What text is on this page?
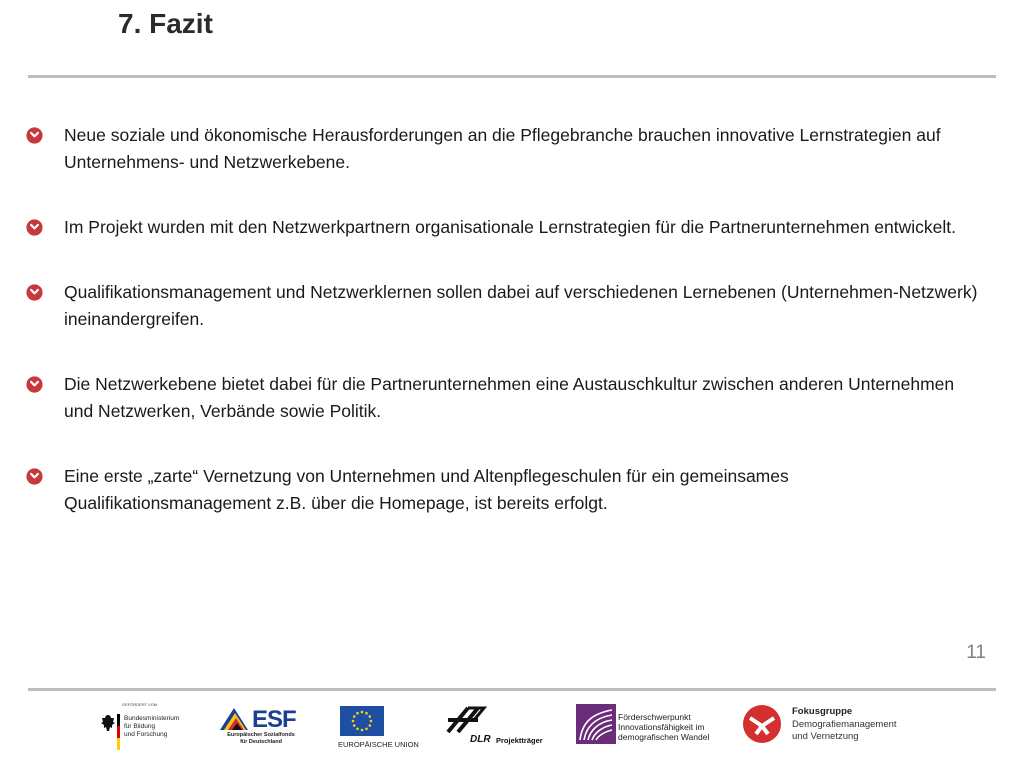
7. Fazit
Neue soziale und ökonomische Herausforderungen an die Pflegebranche brauchen innovative Lernstrategien auf Unternehmens- und Netzwerkebene.
Im Projekt wurden mit den Netzwerkpartnern organisationale Lernstrategien für die Partnerunternehmen entwickelt.
Qualifikationsmanagement und Netzwerklernen sollen dabei auf verschiedenen Lernebenen (Unternehmen-Netzwerk) ineinandergreifen.
Die Netzwerkebene bietet dabei für die Partnerunternehmen eine Austauschkultur zwischen anderen Unternehmen und Netzwerken, Verbände sowie Politik.
Eine erste „zarte“ Vernetzung von Unternehmen und Altenpflegeschulen für ein gemeinsames Qualifikationsmanagement z.B. über die Homepage, ist bereits erfolgt.
11
GEFÖRDERT VOM
Bundesministerium
für Bildung
und Forschung
ESF
Europäischer Sozialfonds
für Deutschland	EUROPÄISCHE UNION	DLR Projektträger
Förderschwerpunkt
Innovationsfähigkeit im
demografischen Wandel
Fokusgruppe
Demografiemanagement
und Vernetzung
